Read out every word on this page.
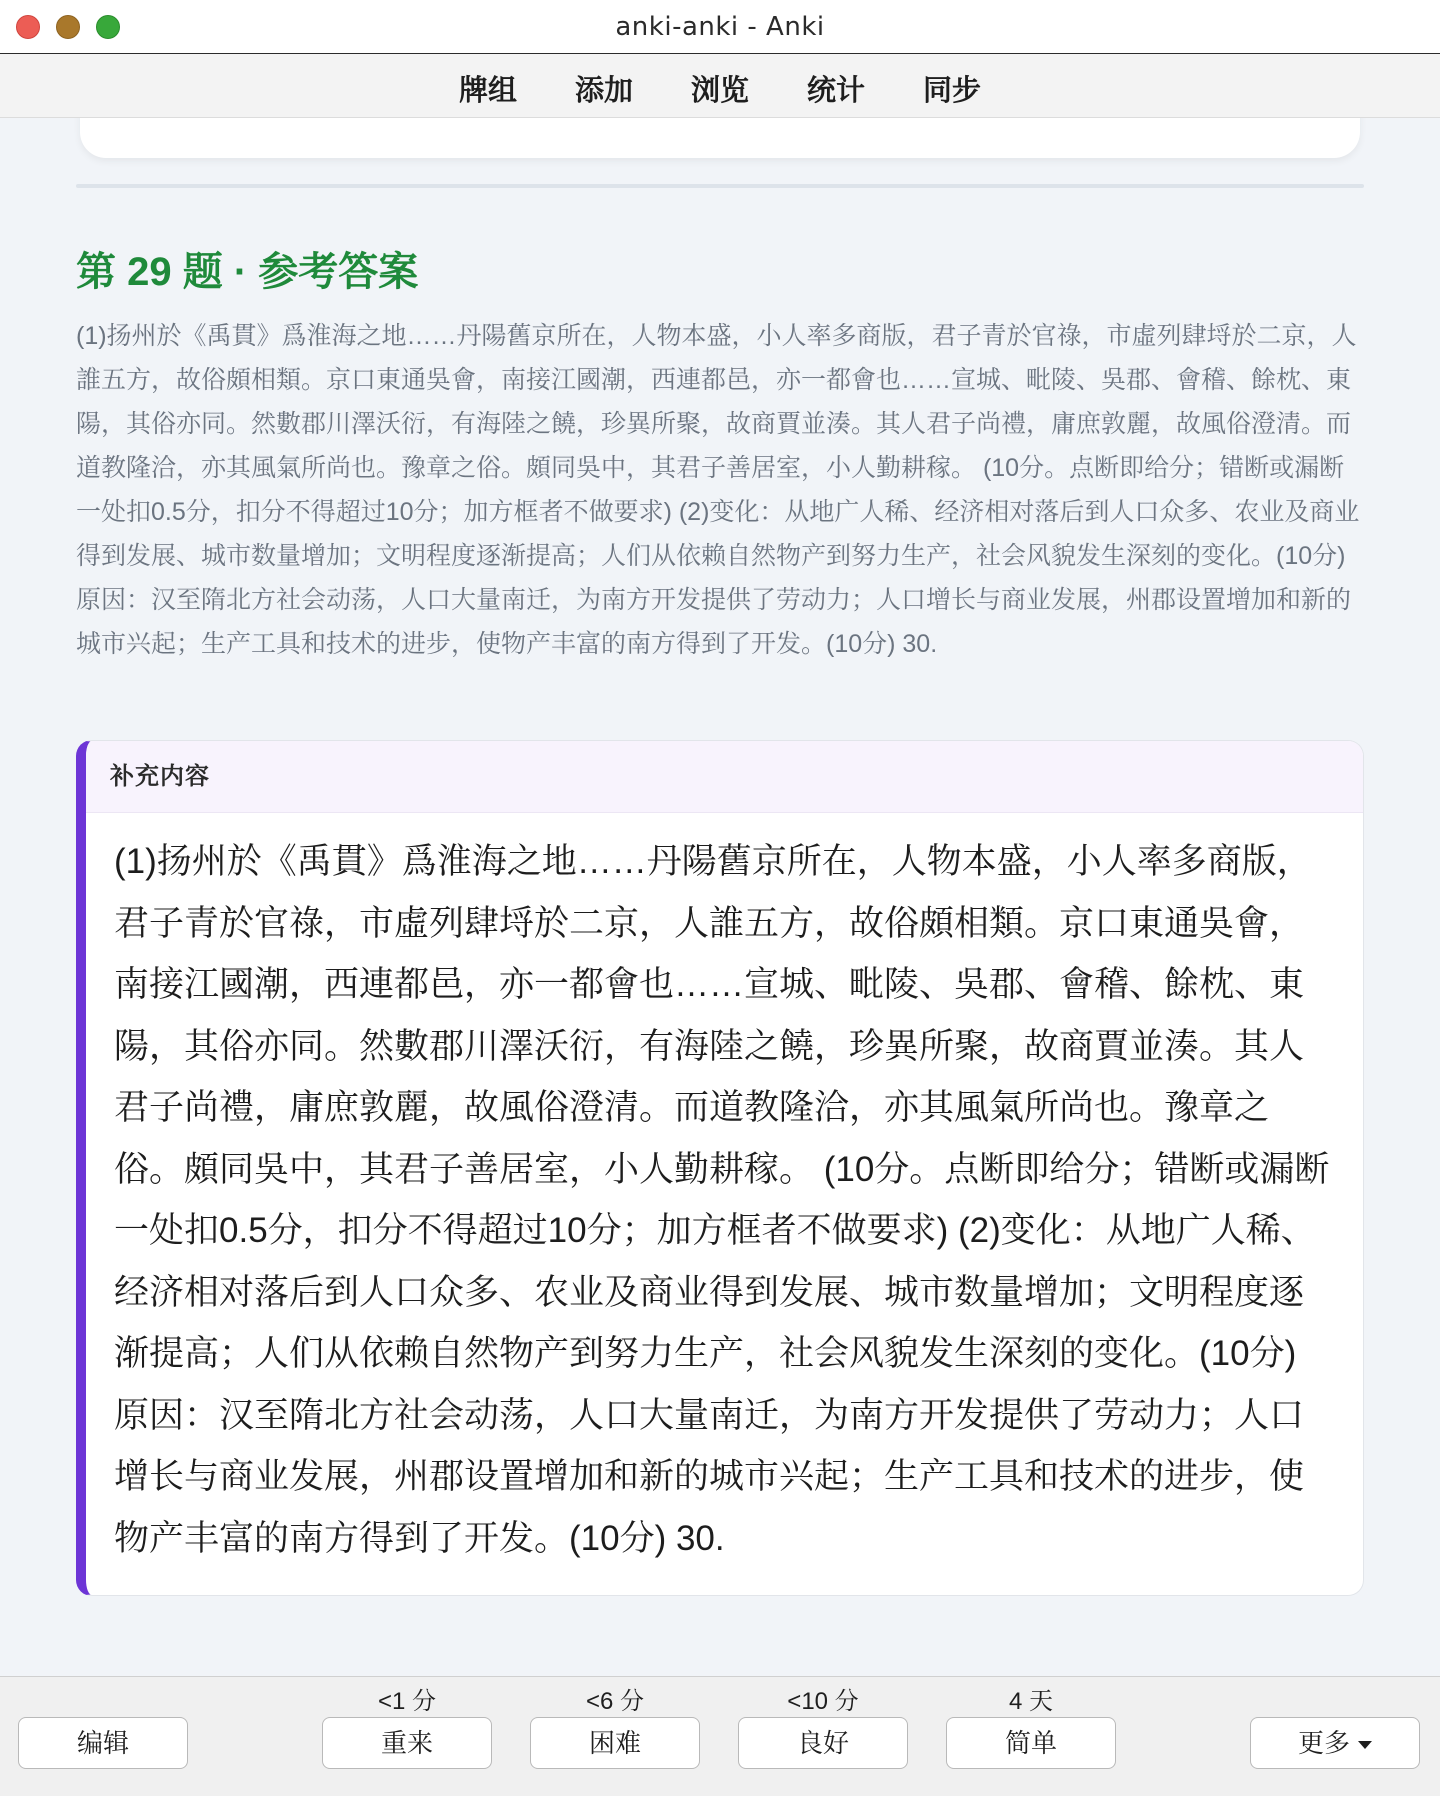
anki-anki - Anki
牌组	添加	浏览	统计	同步
第 29 题 · 参考答案

(1)扬州於《禹貫》爲淮海之地……丹陽舊京所在，人物本盛，小人率多商版，君子青於官祿，市虛列肆埒於二京，人誰五方，故俗頗相類。京口東通吳會，南接江國潮，西連都邑，亦一都會也……宣城、毗陵、吳郡、會稽、餘枕、東陽，其俗亦同。然數郡川澤沃衍，有海陸之饒，珍異所聚，故商賈並湊。其人君子尚禮，庸庶敦麗，故風俗澄清。而道教隆洽，亦其風氣所尚也。豫章之俗。頗同吳中，其君子善居室，小人勤耕稼。 (10分。点断即给分；错断或漏断一处扣0.5分，扣分不得超过10分；加方框者不做要求) (2)变化：从地广人稀、经济相对落后到人口众多、农业及商业得到发展、城市数量增加；文明程度逐渐提高；人们从依赖自然物产到努力生产，社会风貌发生深刻的变化。(10分) 原因：汉至隋北方社会动荡，人口大量南迁，为南方开发提供了劳动力；人口增长与商业发展，州郡设置增加和新的城市兴起；生产工具和技术的进步，使物产丰富的南方得到了开发。(10分) 30.

补充内容
(1)扬州於《禹貫》爲淮海之地……丹陽舊京所在，人物本盛，小人率多商版，君子青於官祿，市虛列肆埒於二京，人誰五方，故俗頗相類。京口東通吳會，南接江國潮，西連都邑，亦一都會也……宣城、毗陵、吳郡、會稽、餘枕、東陽，其俗亦同。然數郡川澤沃衍，有海陸之饒，珍異所聚，故商賈並湊。其人君子尚禮，庸庶敦麗，故風俗澄清。而道教隆洽，亦其風氣所尚也。豫章之俗。頗同吳中，其君子善居室，小人勤耕稼。 (10分。点断即给分；错断或漏断一处扣0.5分，扣分不得超过10分；加方框者不做要求) (2)变化：从地广人稀、经济相对落后到人口众多、农业及商业得到发展、城市数量增加；文明程度逐渐提高；人们从依赖自然物产到努力生产，社会风貌发生深刻的变化。(10分) 原因：汉至隋北方社会动荡，人口大量南迁，为南方开发提供了劳动力；人口增长与商业发展，州郡设置增加和新的城市兴起；生产工具和技术的进步，使物产丰富的南方得到了开发。(10分) 30.
编辑
<1 分
重来
<6 分
困难
<10 分
良好
4 天
简单	更多
